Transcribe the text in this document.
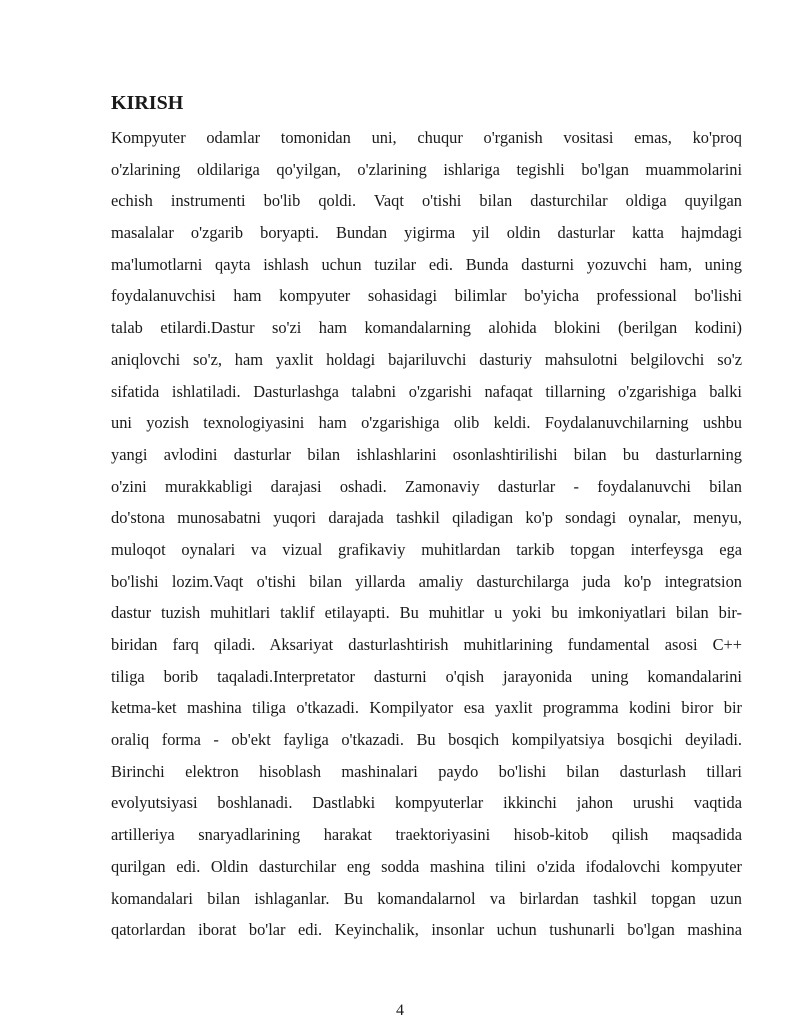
KIRISH
Kompyuter odamlar tomonidan uni, chuqur o'rganish vositasi emas, ko'proq
o'zlarining oldilariga qo'yilgan, o'zlarining ishlariga tegishli bo'lgan muammolarini
echish instrumenti bo'lib qoldi. Vaqt o'tishi bilan dasturchilar oldiga quyilgan
masalalar o'zgarib boryapti. Bundan yigirma yil oldin dasturlar katta hajmdagi
ma'lumotlarni qayta ishlash uchun tuzilar edi. Bunda dasturni yozuvchi ham, uning
foydalanuvchisi ham kompyuter sohasidagi bilimlar bo'yicha professional bo'lishi
talab etilardi.Dastur so'zi ham komandalarning alohida blokini (berilgan kodini)
aniqlovchi so'z, ham yaxlit holdagi bajariluvchi dasturiy mahsulotni belgilovchi so'z
sifatida ishlatiladi. Dasturlashga talabni o'zgarishi nafaqat tillarning o'zgarishiga balki
uni yozish texnologiyasini ham o'zgarishiga olib keldi. Foydalanuvchilarning ushbu
yangi avlodini dasturlar bilan ishlashlarini osonlashtirilishi bilan bu dasturlarning
o'zini murakkabligi darajasi oshadi. Zamonaviy dasturlar - foydalanuvchi bilan
do'stona munosabatni yuqori darajada tashkil qiladigan ko'p sondagi oynalar, menyu,
muloqot oynalari va vizual grafikaviy muhitlardan tarkib topgan interfeysga ega
bo'lishi lozim.Vaqt o'tishi bilan yillarda amaliy dasturchilarga juda ko'p integratsion
dastur tuzish muhitlari taklif etilayapti. Bu muhitlar u yoki bu imkoniyatlari bilan bir-
biridan farq qiladi. Aksariyat dasturlashtirish muhitlarining fundamental asosi C++
tiliga borib taqaladi.Interpretator dasturni o'qish jarayonida uning komandalarini
ketma-ket mashina tiliga o'tkazadi. Kompilyator esa yaxlit programma kodini biror bir
oraliq forma - ob'ekt fayliga o'tkazadi. Bu bosqich kompilyatsiya bosqichi deyiladi.
Birinchi elektron hisoblash mashinalari paydo bo'lishi bilan dasturlash tillari
evolyutsiyasi boshlanadi. Dastlabki kompyuterlar ikkinchi jahon urushi vaqtida
artilleriya snaryadlarining harakat traektoriyasini hisob-kitob qilish maqsadida
qurilgan edi. Oldin dasturchilar eng sodda mashina tilini o'zida ifodalovchi kompyuter
komandalari bilan ishlaganlar. Bu komandalarnol va birlardan tashkil topgan uzun
qatorlardan iborat bo'lar edi. Keyinchalik, insonlar uchun tushunarli bo'lgan mashina
4
